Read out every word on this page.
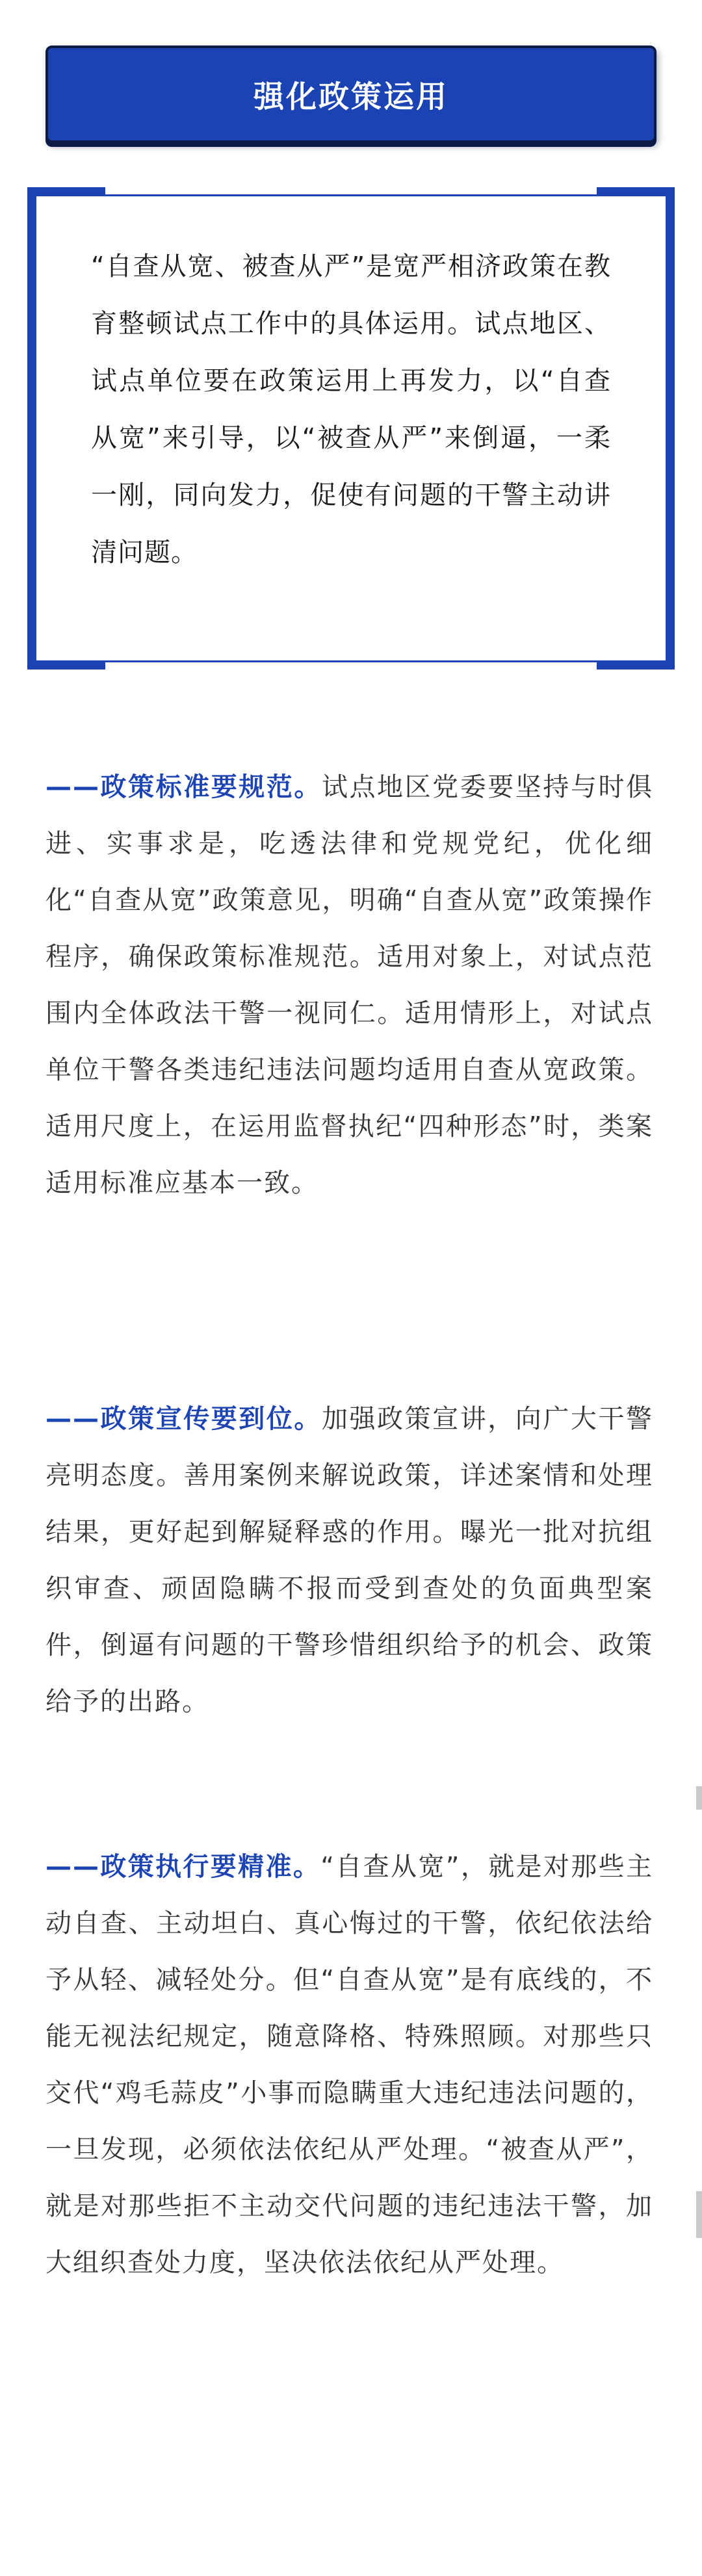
强化政策运用

“自查从宽、被查从严”是宽严相济政策在教育整顿试点工作中的具体运用。试点地区、试点单位要在政策运用上再发力，以“自查从宽”来引导，以“被查从严”来倒逼，一柔一刚，同向发力，促使有问题的干警主动讲清问题。

——政策标准要规范。试点地区党委要坚持与时俱进、实事求是，吃透法律和党规党纪，优化细化“自查从宽”政策意见，明确“自查从宽”政策操作程序，确保政策标准规范。适用对象上，对试点范围内全体政法干警一视同仁。适用情形上，对试点单位干警各类违纪违法问题均适用自查从宽政策。适用尺度上，在运用监督执纪“四种形态”时，类案适用标准应基本一致。

——政策宣传要到位。加强政策宣讲，向广大干警亮明态度。善用案例来解说政策，详述案情和处理结果，更好起到解疑释惑的作用。曝光一批对抗组织审查、顽固隐瞒不报而受到查处的负面典型案件，倒逼有问题的干警珍惜组织给予的机会、政策给予的出路。

——政策执行要精准。“自查从宽”，就是对那些主动自查、主动坦白、真心悔过的干警，依纪依法给予从轻、减轻处分。但“自查从宽”是有底线的，不能无视法纪规定，随意降格、特殊照顾。对那些只交代“鸡毛蒜皮”小事而隐瞒重大违纪违法问题的，一旦发现，必须依法依纪从严处理。“被查从严”，就是对那些拒不主动交代问题的违纪违法干警，加大组织查处力度，坚决依法依纪从严处理。
